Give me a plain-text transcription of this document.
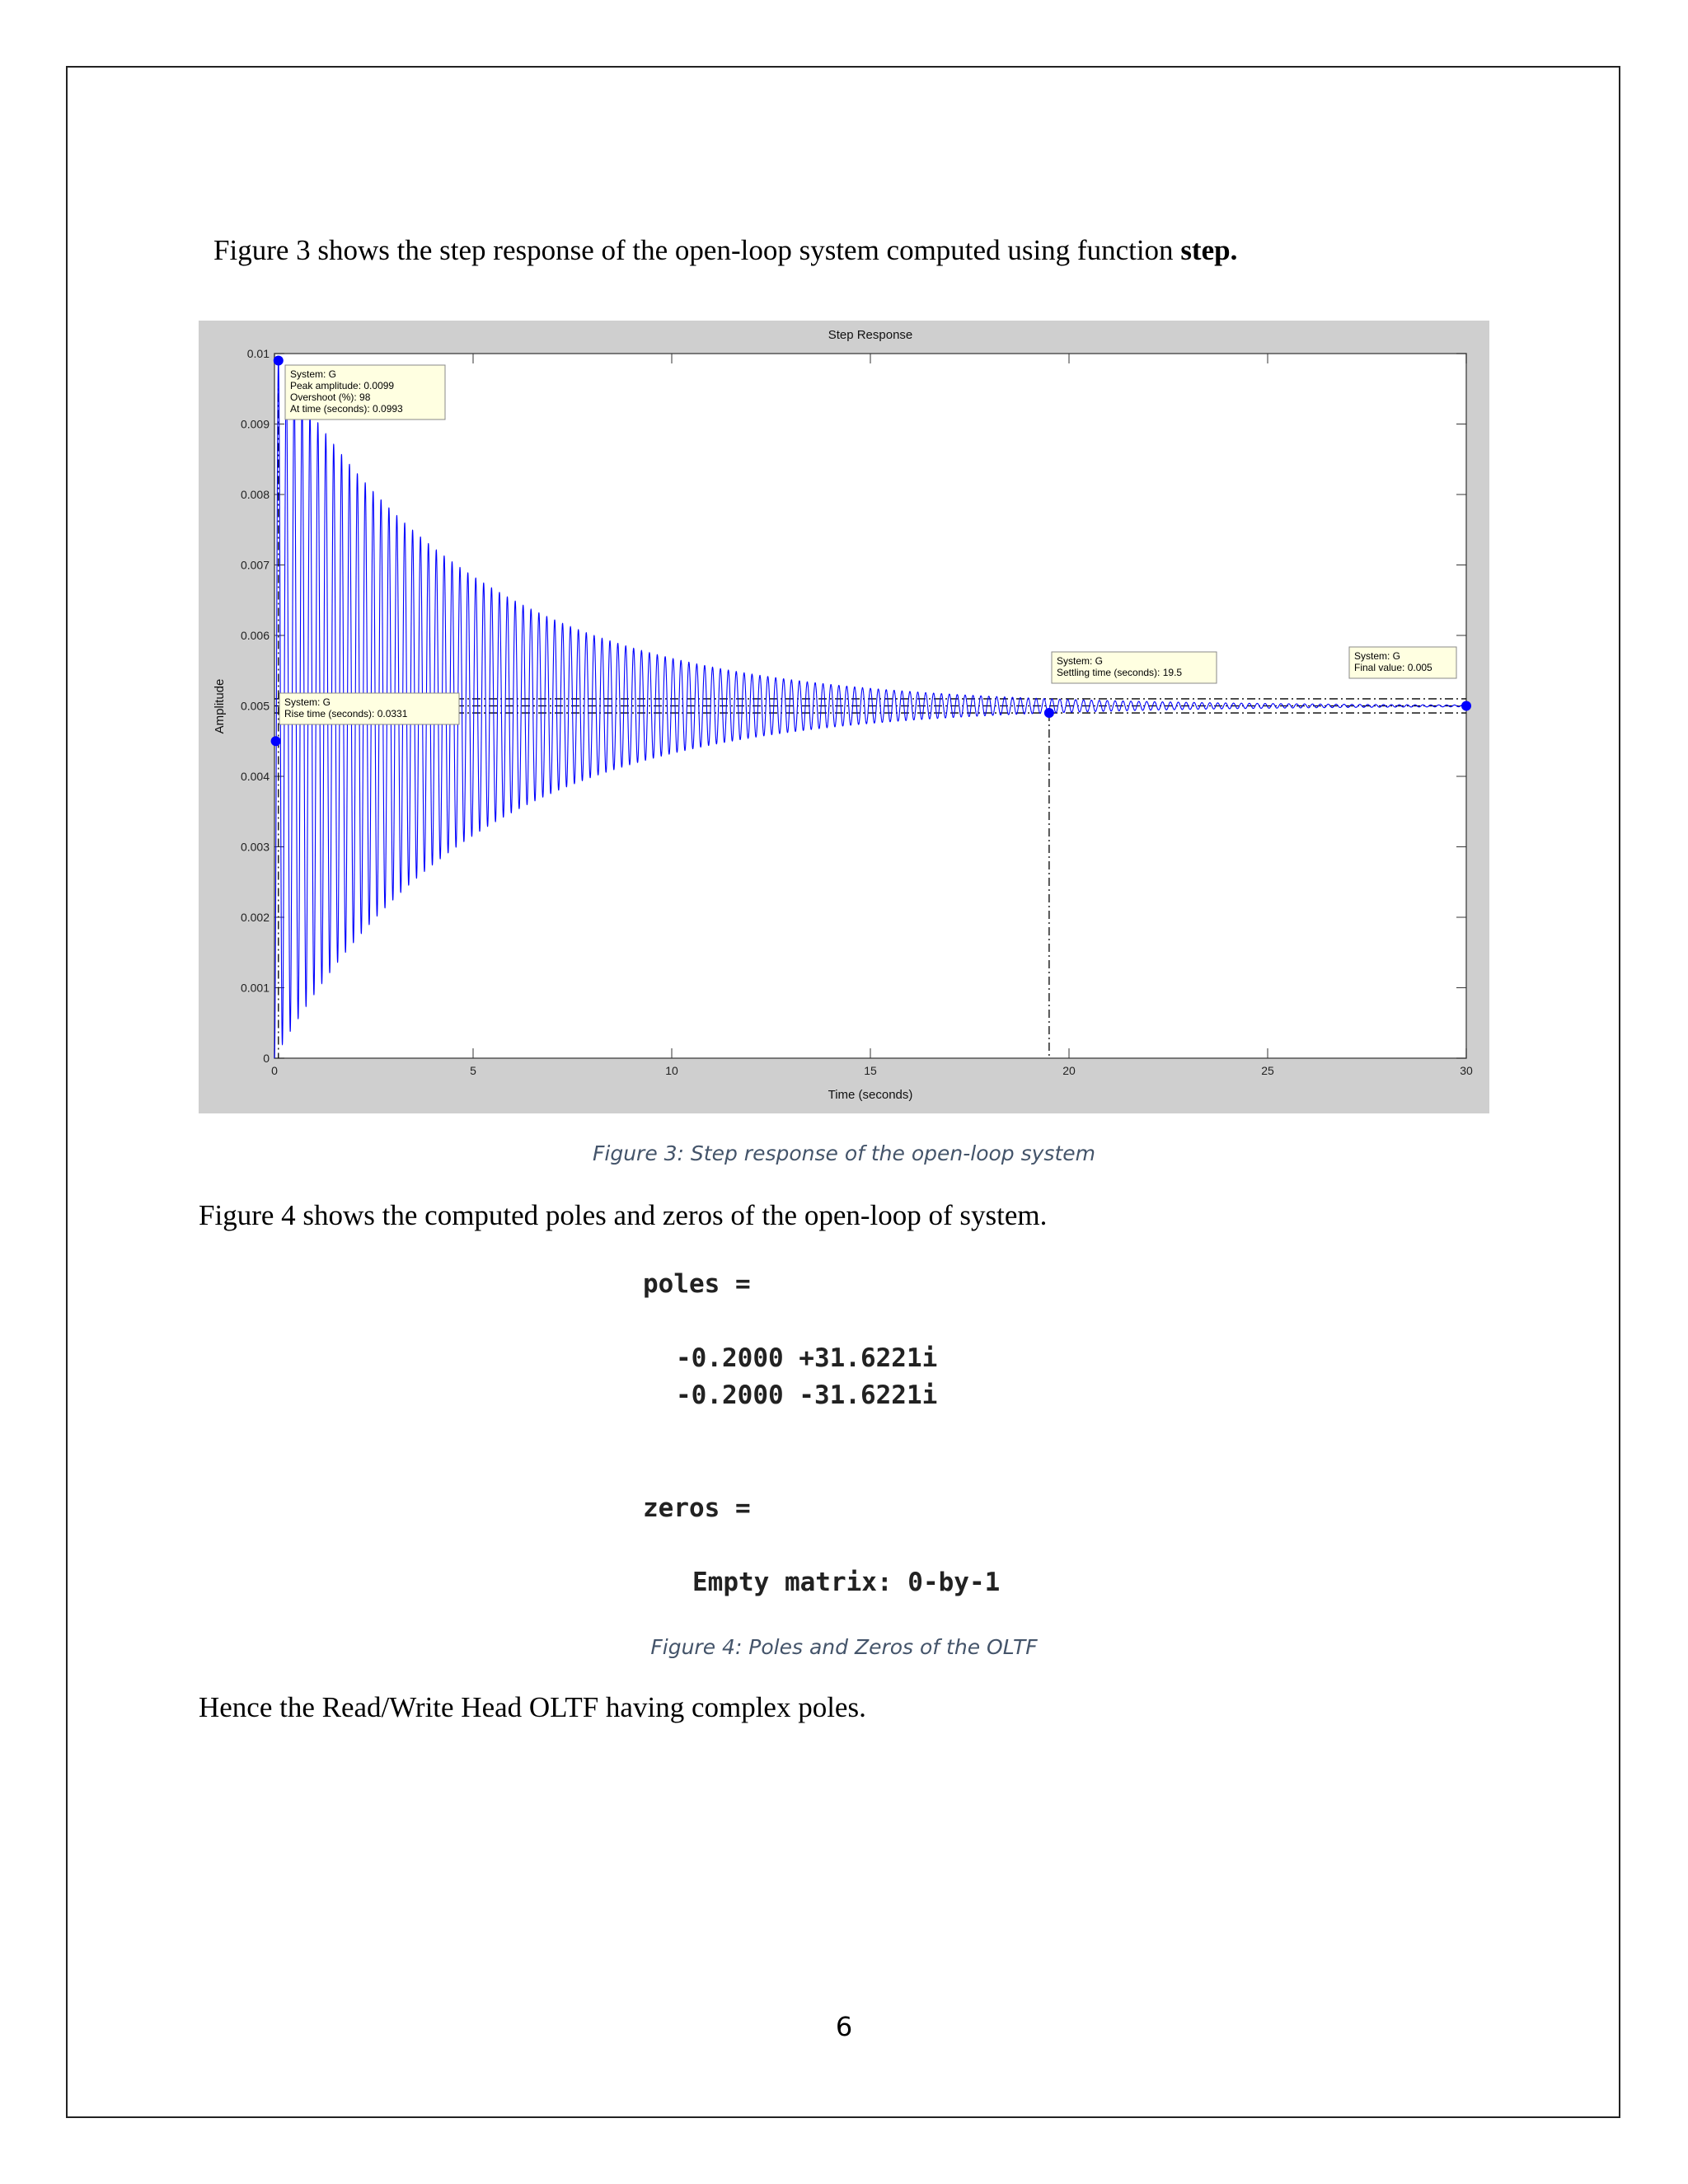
Figure 3 shows the step response of the open-loop system computed using function step.
Step Response
Time (seconds)
Amplitude
0	5	10	15	20	25	30
0
0.001
0.002
0.003
0.004
0.005
0.006
0.007
0.008
0.009
0.01
System: G
Peak amplitude: 0.0099
Overshoot (%): 98
At time (seconds): 0.0993
System: G
Rise time (seconds): 0.0331
System: G
Settling time (seconds): 19.5
System: G
Final value: 0.005
Figure 3: Step response of the open-loop system
Figure 4 shows the computed poles and zeros of the open-loop of system.
poles =
-0.2000 +31.6221i
-0.2000 -31.6221i
zeros =
Empty matrix: 0-by-1
Figure 4: Poles and Zeros of the OLTF
Hence the Read/Write Head OLTF having complex poles.
6
